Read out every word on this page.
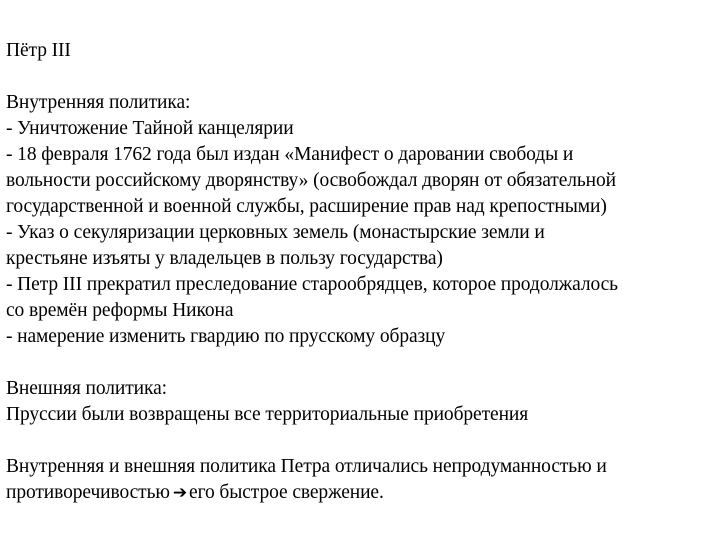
Пётр III

Внутренняя политика:
- Уничтожение Тайной канцелярии
- 18 февраля 1762 года был издан «Манифест о даровании свободы и
вольности российскому дворянству» (освобождал дворян от обязательной
государственной и военной службы, расширение прав над крепостными)
- Указ о секуляризации церковных земель (монастырские земли и
крестьяне изъяты у владельцев в пользу государства)
- Петр III прекратил преследование старообрядцев, которое продолжалось
со времён реформы Никона
- намерение изменить гвардию по прусскому образцу

Внешняя политика:
Пруссии были возвращены все территориальные приобретения

Внутренняя и внешняя политика Петра отличались непродуманностью и
противоречивостью ➔ его быстрое свержение.
